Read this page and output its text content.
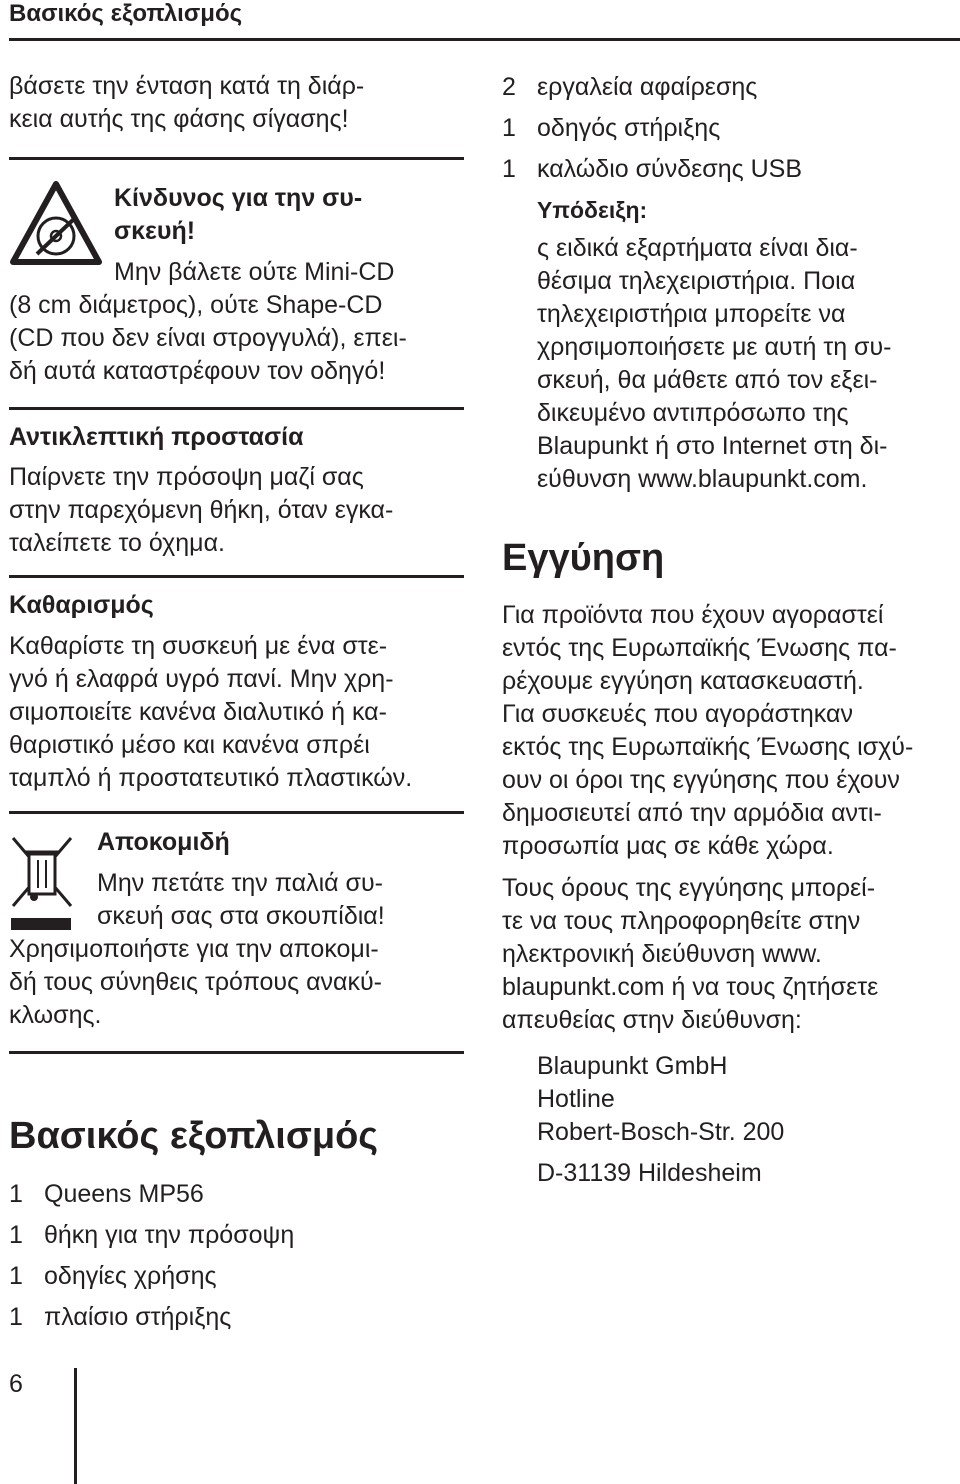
Βασικός εξοπλισμός

βάσετε την ένταση κατά τη διάρ-

κεια αυτής της φάσης σίγασης!

Κίνδυνος για την συ-
σκευή!

Μην βάλετε ούτε Mini-CD

(8 cm διάμετρος), ούτε Shape-CD

(CD που δεν είναι στρογγυλά), επει-

δή αυτά καταστρέφουν τον οδηγό!

Αντικλεπτική προστασία

Παίρνετε την πρόσοψη μαζί σας

στην παρεχόμενη θήκη, όταν εγκα-

ταλείπετε το όχημα.

Καθαρισμός

Καθαρίστε τη συσκευή με ένα στε-

γνό ή ελαφρά υγρό πανί. Μην χρη-

σιμοποιείτε κανένα διαλυτικό ή κα-

θαριστικό μέσο και κανένα σπρέι

ταμπλό ή προστατευτικό πλαστικών.

Αποκομιδή

Μην πετάτε την παλιά συ-

σκευή σας στα σκουπίδια!

Χρησιμοποιήστε για την αποκομι-

δή τους σύνηθεις τρόπους ανακύ-

κλωσης.

Βασικός εξοπλισμός
1 Queens MP56
1 θήκη για την πρόσοψη
1 οδηγίες χρήσης
1 πλαίσιο στήριξης
2 εργαλεία αφαίρεσης
1 οδηγός στήριξης
1 καλώδιο σύνδεσης USB
Υπόδειξη:

ς ειδικά εξαρτήματα είναι δια-

θέσιμα τηλεχειριστήρια. Ποια

τηλεχειριστήρια μπορείτε να

χρησιμοποιήσετε με αυτή τη συ-

σκευή, θα μάθετε από τον εξει-

δικευμένο αντιπρόσωπο της

Blaupunkt ή στο Internet στη δι-

εύθυνση www.blaupunkt.com.

Εγγύηση

Για προϊόντα που έχουν αγοραστεί

εντός της Ευρωπαϊκής Ένωσης πα-

ρέχουμε εγγύηση κατασκευαστή.

Για συσκευές που αγοράστηκαν

εκτός της Ευρωπαϊκής Ένωσης ισχύ-

ουν οι όροι της εγγύησης που έχουν

δημοσιευτεί από την αρμόδια αντι-

προσωπία μας σε κάθε χώρα.

Τους όρους της εγγύησης μπορεί-

τε να τους πληροφορηθείτε στην

ηλεκτρονική διεύθυνση www.

blaupunkt.com ή να τους ζητήσετε

απευθείας στην διεύθυνση:

Blaupunkt GmbH
Hotline
Robert-Bosch-Str. 200
D-31139 Hildesheim
6
